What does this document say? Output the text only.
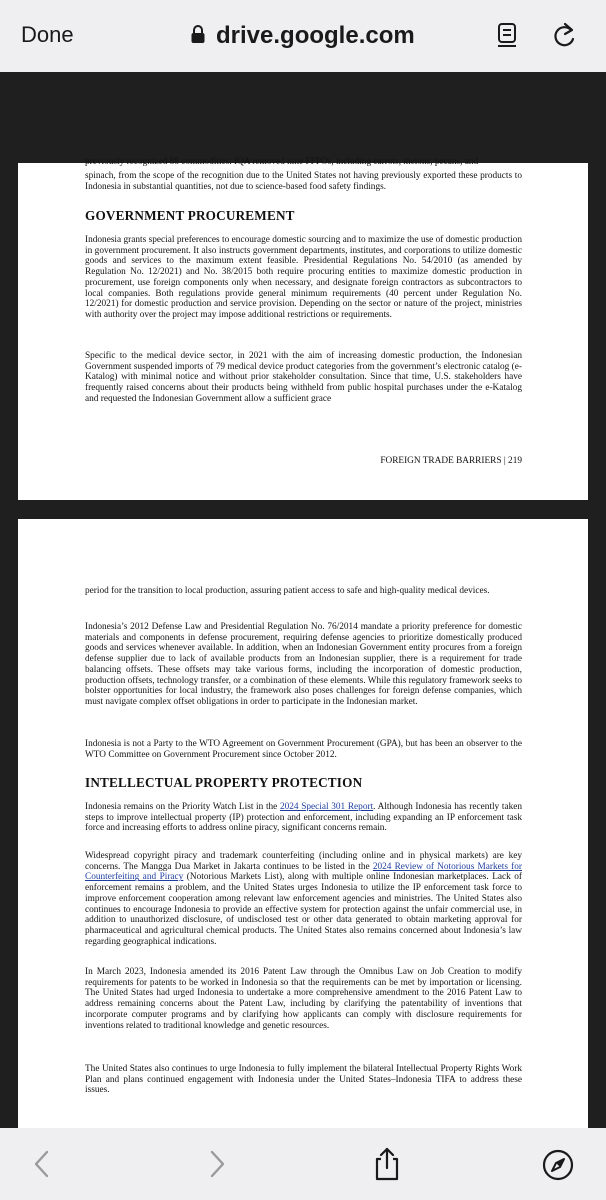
Done	drive.google.com
previously recognized 88 commodities. IQA removed nine FFPOs, including carrots, melons, pecans, and

spinach, from the scope of the recognition due to the United States not having previously exported these products to Indonesia in substantial quantities, not due to science-based food safety findings.

GOVERNMENT PROCUREMENT

Indonesia grants special preferences to encourage domestic sourcing and to maximize the use of domestic production in government procurement. It also instructs government departments, institutes, and corporations to utilize domestic goods and services to the maximum extent feasible. Presidential Regulations No. 54/2010 (as amended by Regulation No. 12/2021) and No. 38/2015 both require procuring entities to maximize domestic production in procurement, use foreign components only when necessary, and designate foreign contractors as subcontractors to local companies. Both regulations provide general minimum requirements (40 percent under Regulation No. 12/2021) for domestic production and service provision. Depending on the sector or nature of the project, ministries with authority over the project may impose additional restrictions or requirements.

Specific to the medical device sector, in 2021 with the aim of increasing domestic production, the Indonesian Government suspended imports of 79 medical device product categories from the government’s electronic catalog (e-Katalog) with minimal notice and without prior stakeholder consultation. Since that time, U.S. stakeholders have frequently raised concerns about their products being withheld from public hospital purchases under the e-Katalog and requested the Indonesian Government allow a sufficient grace

FOREIGN TRADE BARRIERS | 219

period for the transition to local production, assuring patient access to safe and high-quality medical devices.

Indonesia’s 2012 Defense Law and Presidential Regulation No. 76/2014 mandate a priority preference for domestic materials and components in defense procurement, requiring defense agencies to prioritize domestically produced goods and services whenever available. In addition, when an Indonesian Government entity procures from a foreign defense supplier due to lack of available products from an Indonesian supplier, there is a requirement for trade balancing offsets. These offsets may take various forms, including the incorporation of domestic production, production offsets, technology transfer, or a combination of these elements. While this regulatory framework seeks to bolster opportunities for local industry, the framework also poses challenges for foreign defense companies, which must navigate complex offset obligations in order to participate in the Indonesian market.

Indonesia is not a Party to the WTO Agreement on Government Procurement (GPA), but has been an observer to the WTO Committee on Government Procurement since October 2012.

INTELLECTUAL PROPERTY PROTECTION

Indonesia remains on the Priority Watch List in the 2024 Special 301 Report. Although Indonesia has recently taken steps to improve intellectual property (IP) protection and enforcement, including expanding an IP enforcement task force and increasing efforts to address online piracy, significant concerns remain.

Widespread copyright piracy and trademark counterfeiting (including online and in physical markets) are key concerns. The Mangga Dua Market in Jakarta continues to be listed in the 2024 Review of Notorious Markets for Counterfeiting and Piracy (Notorious Markets List), along with multiple online Indonesian marketplaces. Lack of enforcement remains a problem, and the United States urges Indonesia to utilize the IP enforcement task force to improve enforcement cooperation among relevant law enforcement agencies and ministries. The United States also continues to encourage Indonesia to provide an effective system for protection against the unfair commercial use, in addition to unauthorized disclosure, of undisclosed test or other data generated to obtain marketing approval for pharmaceutical and agricultural chemical products. The United States also remains concerned about Indonesia’s law regarding geographical indications.

In March 2023, Indonesia amended its 2016 Patent Law through the Omnibus Law on Job Creation to modify requirements for patents to be worked in Indonesia so that the requirements can be met by importation or licensing. The United States had urged Indonesia to undertake a more comprehensive amendment to the 2016 Patent Law to address remaining concerns about the Patent Law, including by clarifying the patentability of inventions that incorporate computer programs and by clarifying how applicants can comply with disclosure requirements for inventions related to traditional knowledge and genetic resources.

The United States also continues to urge Indonesia to fully implement the bilateral Intellectual Property Rights Work Plan and plans continued engagement with Indonesia under the United States–Indonesia TIFA to address these issues.
